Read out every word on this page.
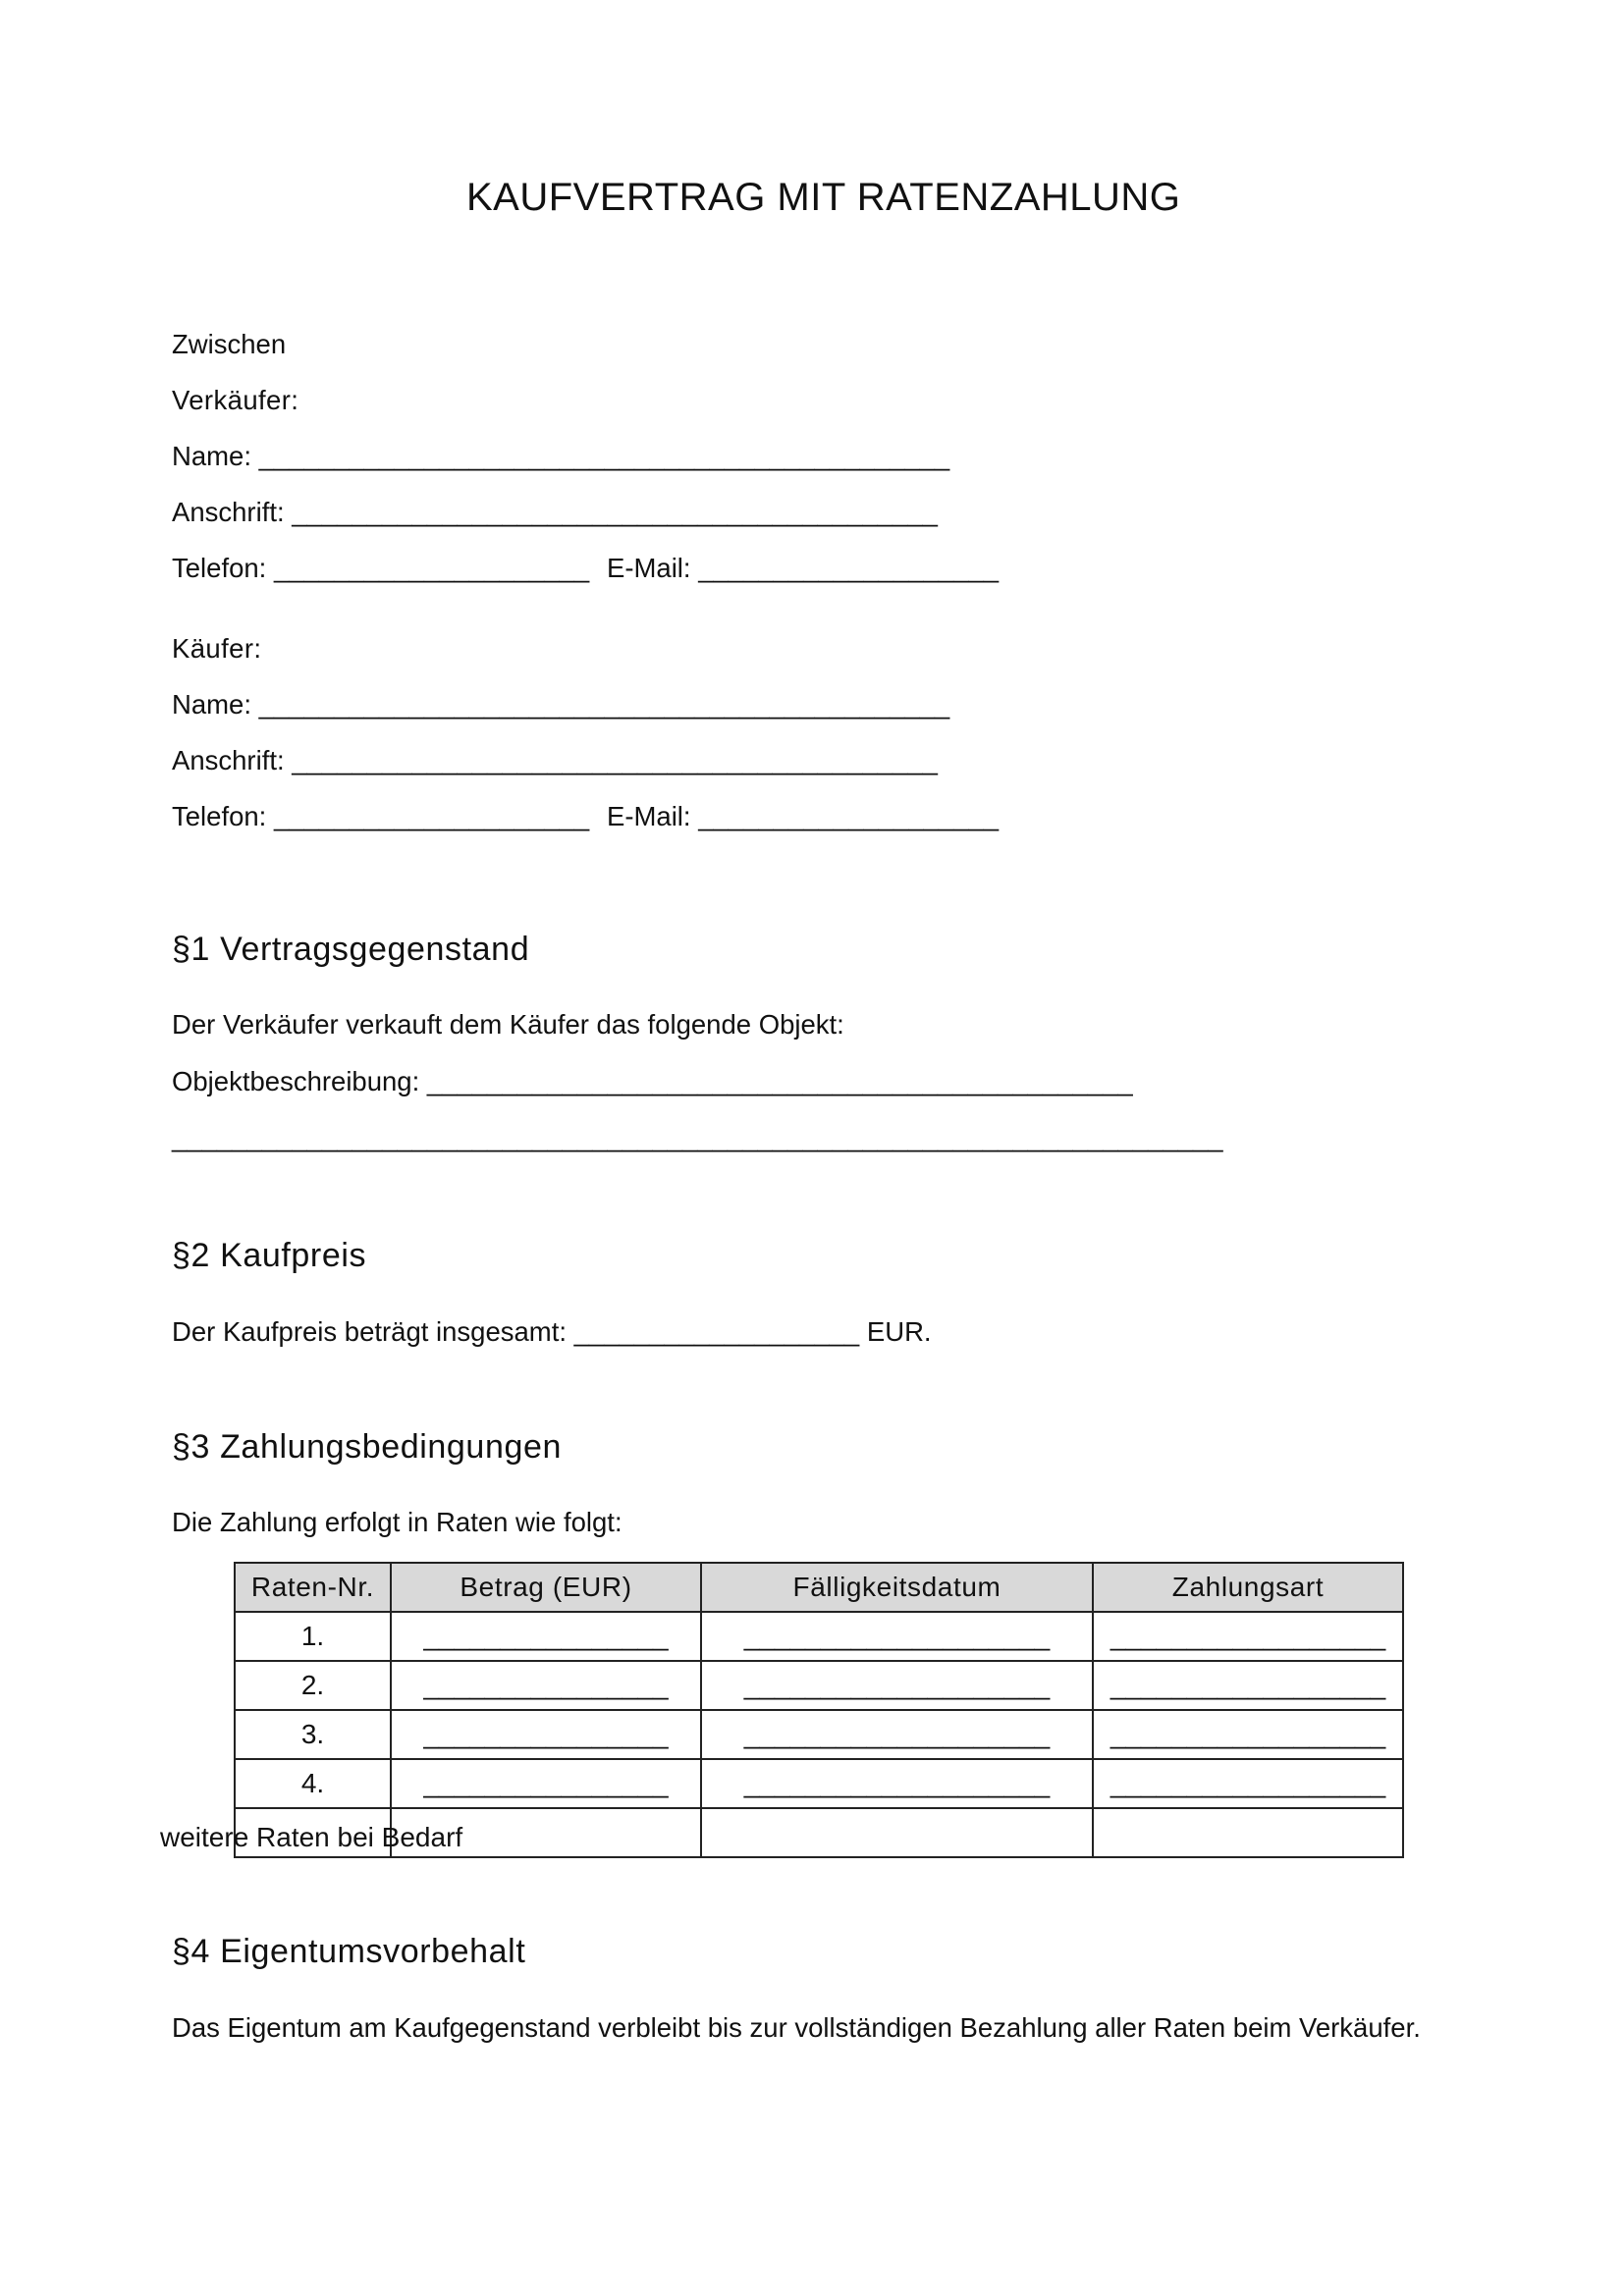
KAUFVERTRAG MIT RATENZAHLUNG
Zwischen
Verkäufer:
Name: ______________________________________________
Anschrift: ___________________________________________
Telefon: _____________________ E-Mail: ____________________
Käufer:
Name: ______________________________________________
Anschrift: ___________________________________________
Telefon: _____________________ E-Mail: ____________________
§1 Vertragsgegenstand
Der Verkäufer verkauft dem Käufer das folgende Objekt:
Objektbeschreibung: _______________________________________________
______________________________________________________________________
§2 Kaufpreis
Der Kaufpreis beträgt insgesamt: ___________________ EUR.
§3 Zahlungsbedingungen
Die Zahlung erfolgt in Raten wie folgt:
Raten-Nr.	Betrag (EUR)	Fälligkeitsdatum	Zahlungsart
1.	________________	____________________	__________________
2.	________________	____________________	__________________
3.	________________	____________________	__________________
4.	________________	____________________	__________________

weitere Raten bei Bedarf
§4 Eigentumsvorbehalt
Das Eigentum am Kaufgegenstand verbleibt bis zur vollständigen Bezahlung aller Raten beim Verkäufer.
